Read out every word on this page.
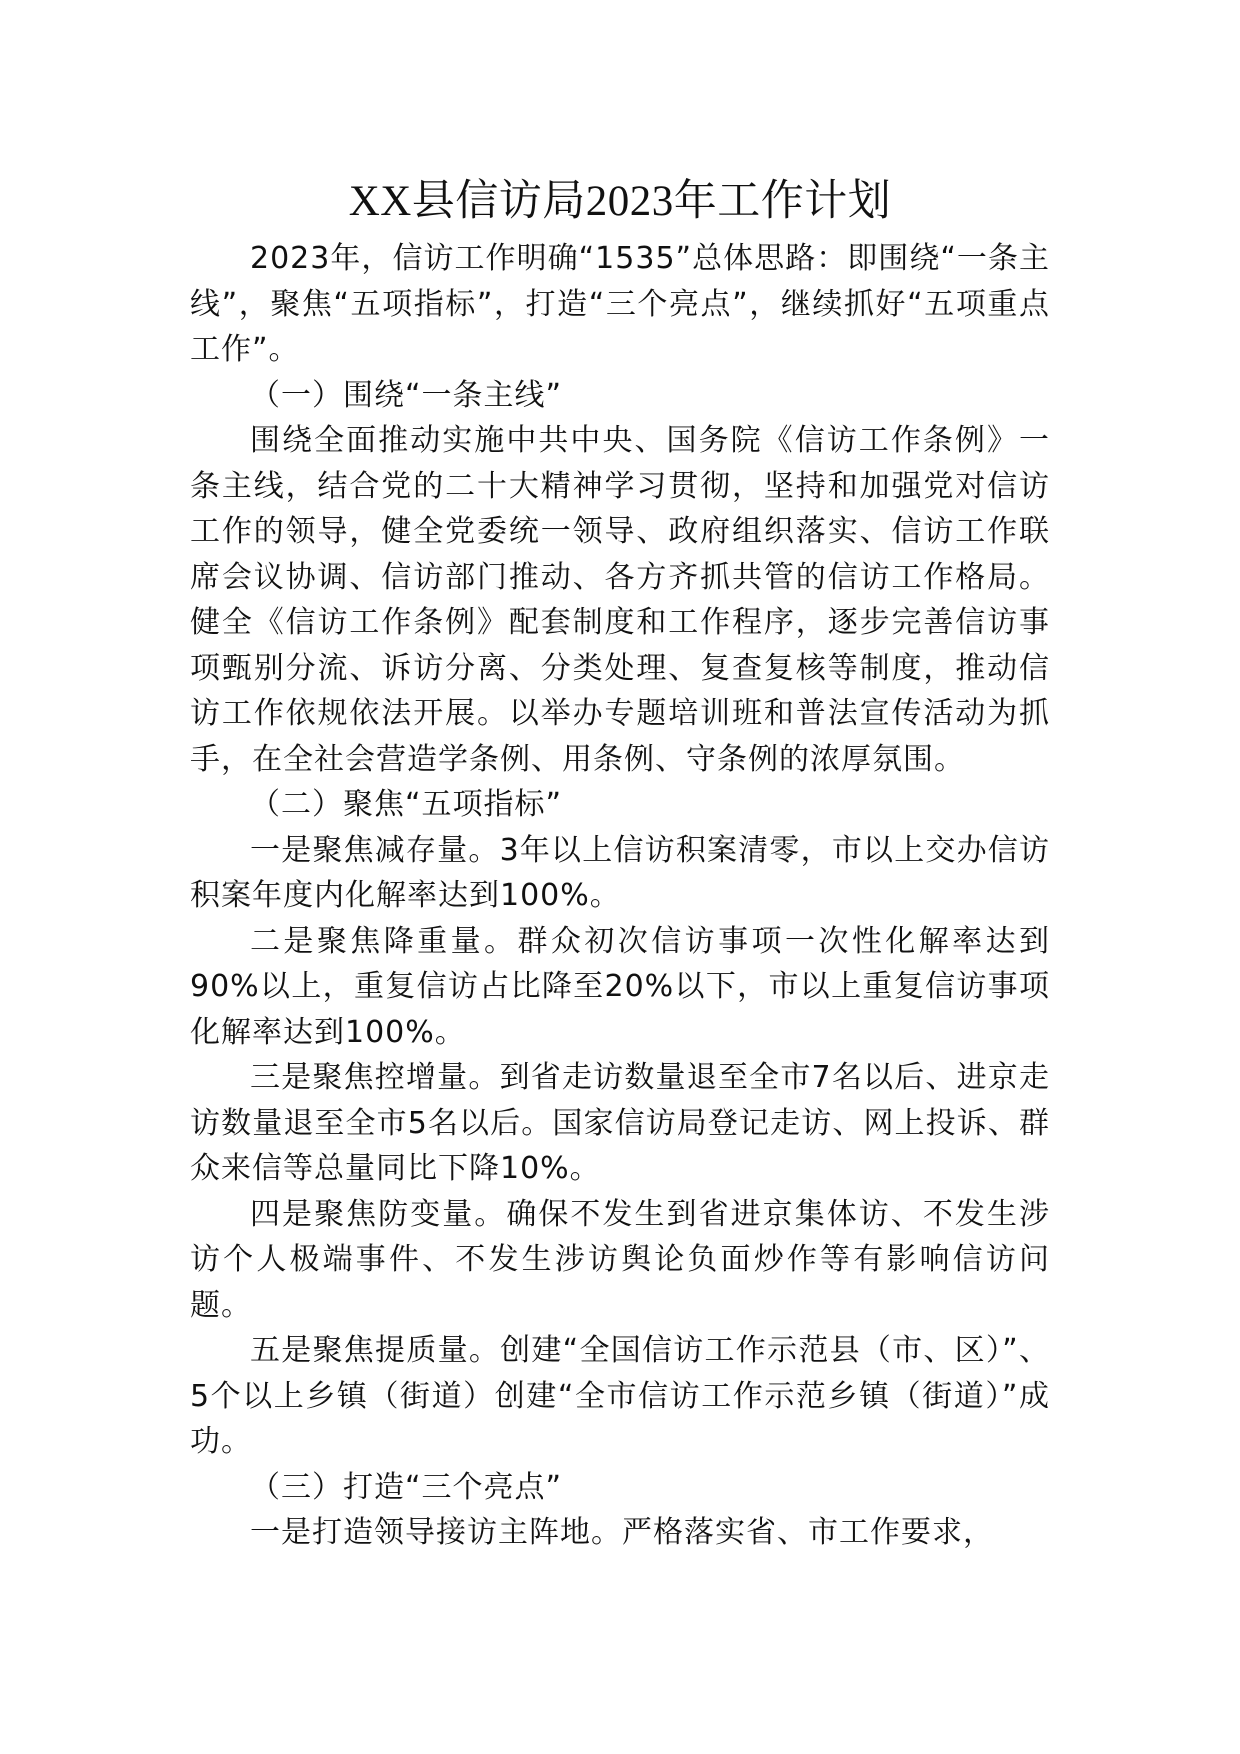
XX县信访局2023年工作计划

2023年，信访工作明确“1535”总体思路：即围绕“一条主线”，聚焦“五项指标”，打造“三个亮点”，继续抓好“五项重点工作”。

（一）围绕“一条主线”

围绕全面推动实施中共中央、国务院《信访工作条例》一条主线，结合党的二十大精神学习贯彻，坚持和加强党对信访工作的领导，健全党委统一领导、政府组织落实、信访工作联席会议协调、信访部门推动、各方齐抓共管的信访工作格局。健全《信访工作条例》配套制度和工作程序，逐步完善信访事项甄别分流、诉访分离、分类处理、复查复核等制度，推动信访工作依规依法开展。以举办专题培训班和普法宣传活动为抓手，在全社会营造学条例、用条例、守条例的浓厚氛围。

（二）聚焦“五项指标”

一是聚焦减存量。3年以上信访积案清零，市以上交办信访积案年度内化解率达到100%。

二是聚焦降重量。群众初次信访事项一次性化解率达到90%以上，重复信访占比降至20%以下，市以上重复信访事项化解率达到100%。

三是聚焦控增量。到省走访数量退至全市7名以后、进京走访数量退至全市5名以后。国家信访局登记走访、网上投诉、群众来信等总量同比下降10%。

四是聚焦防变量。确保不发生到省进京集体访、不发生涉访个人极端事件、不发生涉访舆论负面炒作等有影响信访问题。

五是聚焦提质量。创建“全国信访工作示范县（市、区）”、5个以上乡镇（街道）创建“全市信访工作示范乡镇（街道）”成功。

（三）打造“三个亮点”

一是打造领导接访主阵地。严格落实省、市工作要求，
